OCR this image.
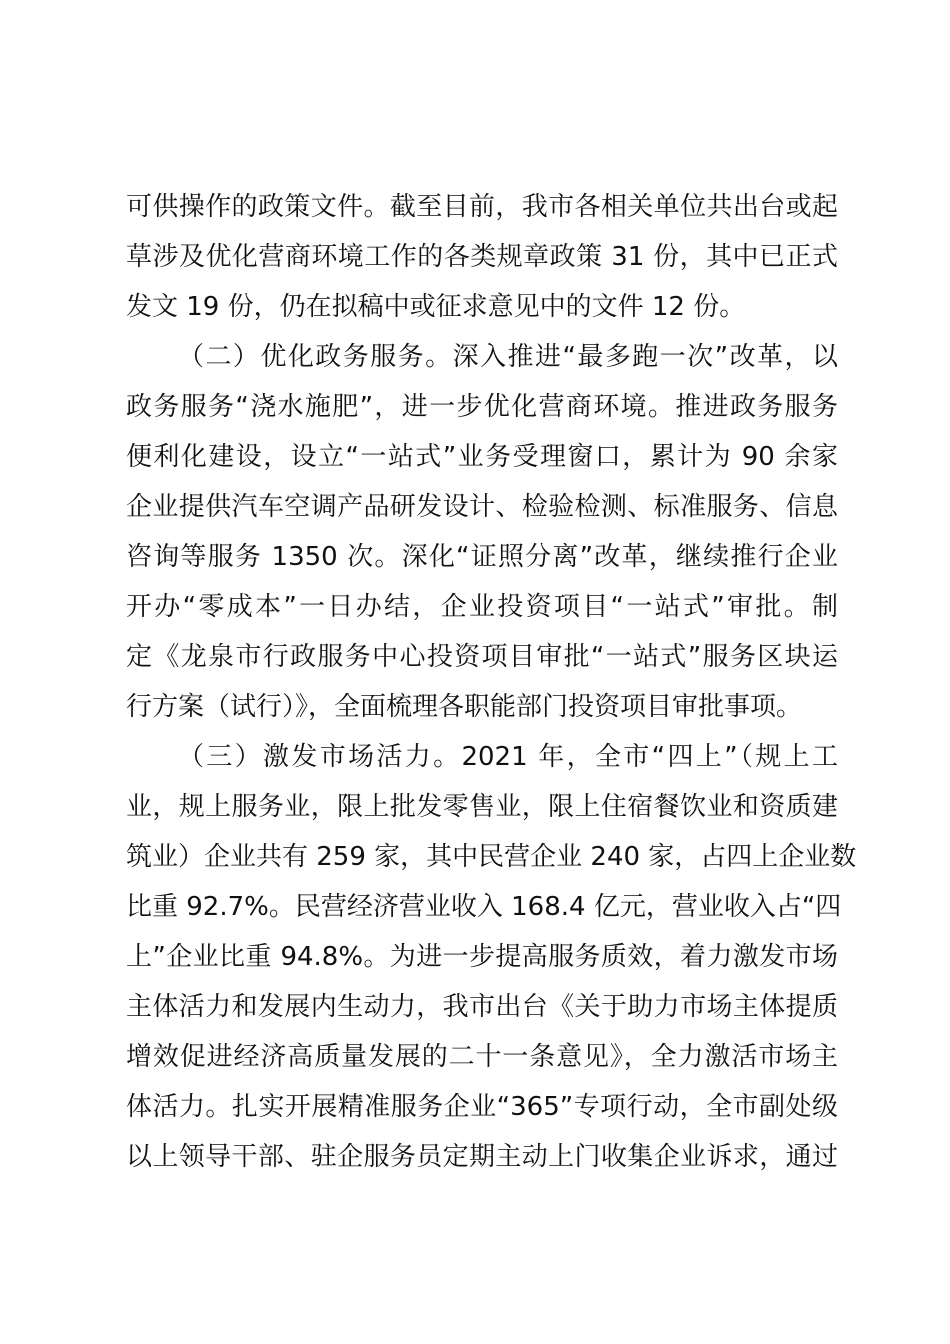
可供操作的政策文件。截至目前，我市各相关单位共出台或起
草涉及优化营商环境工作的各类规章政策 31 份，其中已正式
发文 19 份，仍在拟稿中或征求意见中的文件 12 份。
（二）优化政务服务。深入推进“最多跑一次”改革，以
政务服务“浇水施肥”，进一步优化营商环境。推进政务服务
便利化建设，设立“一站式”业务受理窗口，累计为 90 余家
企业提供汽车空调产品研发设计、检验检测、标准服务、信息
咨询等服务 1350 次。深化“证照分离”改革，继续推行企业
开办“零成本”一日办结，企业投资项目“一站式”审批。制
定《龙泉市行政服务中心投资项目审批“一站式”服务区块运
行方案（试行）》，全面梳理各职能部门投资项目审批事项。
（三）激发市场活力。2021 年，全市“四上”（规上工
业，规上服务业，限上批发零售业，限上住宿餐饮业和资质建
筑业）企业共有 259 家，其中民营企业 240 家，占四上企业数
比重 92.7%。民营经济营业收入 168.4 亿元，营业收入占“四
上”企业比重 94.8%。为进一步提高服务质效，着力激发市场
主体活力和发展内生动力，我市出台《关于助力市场主体提质
增效促进经济高质量发展的二十一条意见》，全力激活市场主
体活力。扎实开展精准服务企业“365”专项行动，全市副处级
以上领导干部、驻企服务员定期主动上门收集企业诉求，通过
